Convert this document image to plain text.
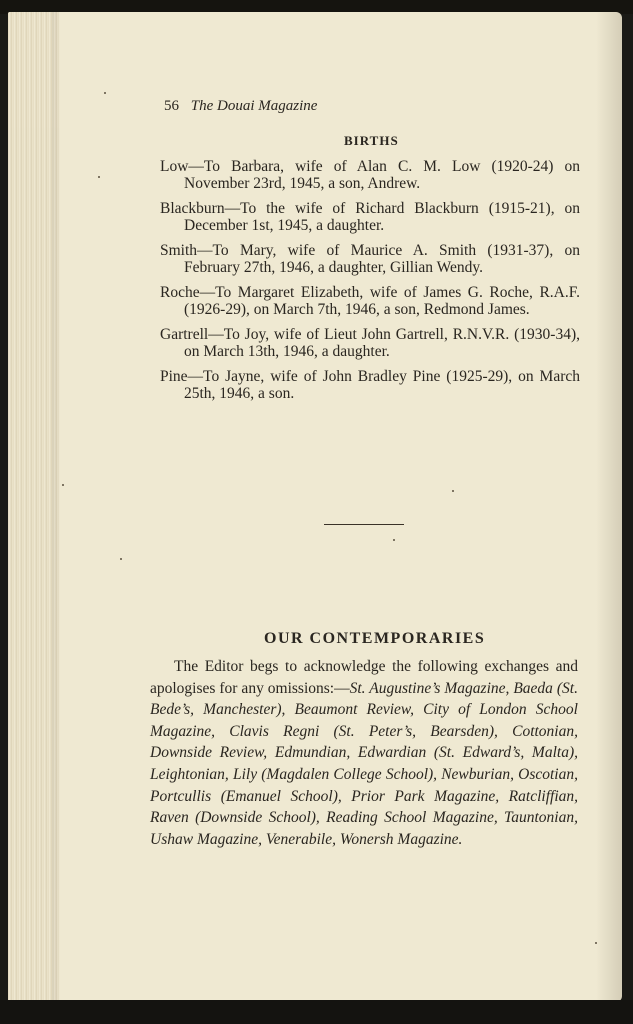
56 The Douai Magazine
BIRTHS
Low—To Barbara, wife of Alan C. M. Low (1920-24) on November 23rd, 1945, a son, Andrew.
Blackburn—To the wife of Richard Blackburn (1915-21), on December 1st, 1945, a daughter.
Smith—To Mary, wife of Maurice A. Smith (1931-37), on February 27th, 1946, a daughter, Gillian Wendy.
Roche—To Margaret Elizabeth, wife of James G. Roche, R.A.F. (1926-29), on March 7th, 1946, a son, Redmond James.
Gartrell—To Joy, wife of Lieut John Gartrell, R.N.V.R. (1930-34), on March 13th, 1946, a daughter.
Pine—To Jayne, wife of John Bradley Pine (1925-29), on March 25th, 1946, a son.
OUR CONTEMPORARIES

The Editor begs to acknowledge the following exchanges and apologises for any omissions:—St. Augustine’s Magazine, Baeda (St. Bede’s, Manchester), Beaumont Review, City of London School Magazine, Clavis Regni (St. Peter’s, Bearsden), Cottonian, Downside Review, Edmundian, Edwardian (St. Edward’s, Malta), Leightonian, Lily (Magdalen College School), Newburian, Oscotian, Portcullis (Emanuel School), Prior Park Magazine, Ratcliffian, Raven (Downside School), Reading School Magazine, Tauntonian, Ushaw Magazine, Venerabile, Wonersh Magazine.
